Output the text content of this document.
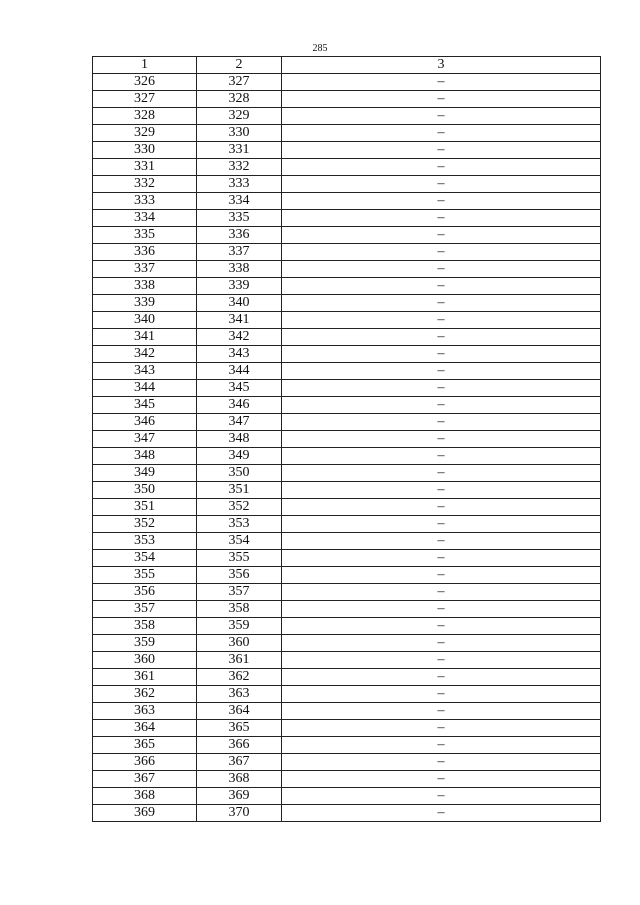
285
1	2	3
326	327	–
327	328	–
328	329	–
329	330	–
330	331	–
331	332	–
332	333	–
333	334	–
334	335	–
335	336	–
336	337	–
337	338	–
338	339	–
339	340	–
340	341	–
341	342	–
342	343	–
343	344	–
344	345	–
345	346	–
346	347	–
347	348	–
348	349	–
349	350	–
350	351	–
351	352	–
352	353	–
353	354	–
354	355	–
355	356	–
356	357	–
357	358	–
358	359	–
359	360	–
360	361	–
361	362	–
362	363	–
363	364	–
364	365	–
365	366	–
366	367	–
367	368	–
368	369	–
369	370	–
